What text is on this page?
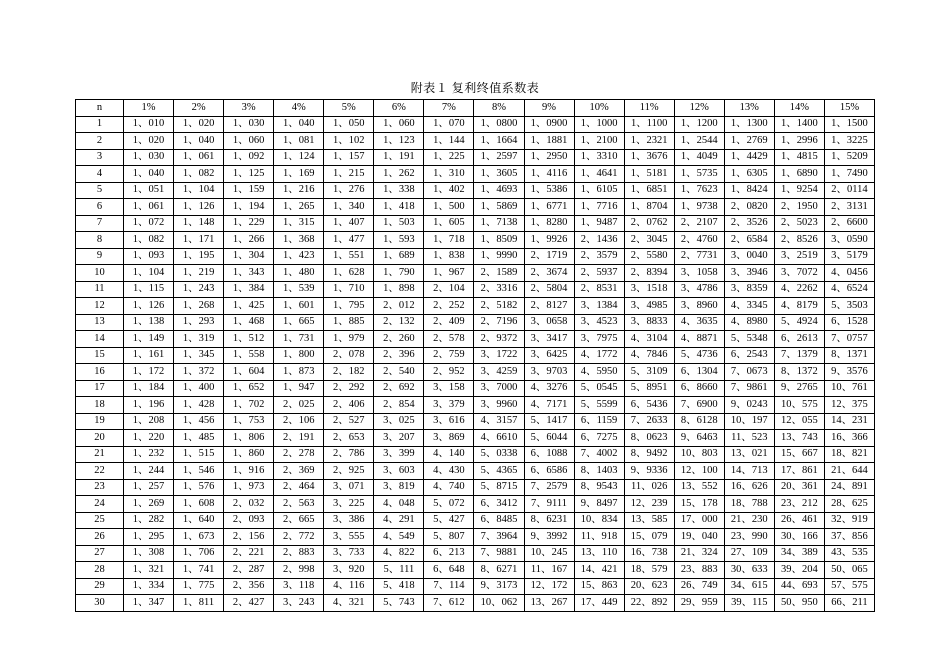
附表１ 复利终值系数表
n	1%	2%	3%	4%	5%	6%	7%	8%	9%	10%	11%	12%	13%	14%	15%
1	1、010	1、020	1、030	1、040	1、050	1、060	1、070	1、0800	1、0900	1、1000	1、1100	1、1200	1、1300	1、1400	1、1500
2	1、020	1、040	1、060	1、081	1、102	1、123	1、144	1、1664	1、1881	1、2100	1、2321	1、2544	1、2769	1、2996	1、3225
3	1、030	1、061	1、092	1、124	1、157	1、191	1、225	1、2597	1、2950	1、3310	1、3676	1、4049	1、4429	1、4815	1、5209
4	1、040	1、082	1、125	1、169	1、215	1、262	1、310	1、3605	1、4116	1、4641	1、5181	1、5735	1、6305	1、6890	1、7490
5	1、051	1、104	1、159	1、216	1、276	1、338	1、402	1、4693	1、5386	1、6105	1、6851	1、7623	1、8424	1、9254	2、0114
6	1、061	1、126	1、194	1、265	1、340	1、418	1、500	1、5869	1、6771	1、7716	1、8704	1、9738	2、0820	2、1950	2、3131
7	1、072	1、148	1、229	1、315	1、407	1、503	1、605	1、7138	1、8280	1、9487	2、0762	2、2107	2、3526	2、5023	2、6600
8	1、082	1、171	1、266	1、368	1、477	1、593	1、718	1、8509	1、9926	2、1436	2、3045	2、4760	2、6584	2、8526	3、0590
9	1、093	1、195	1、304	1、423	1、551	1、689	1、838	1、9990	2、1719	2、3579	2、5580	2、7731	3、0040	3、2519	3、5179
10	1、104	1、219	1、343	1、480	1、628	1、790	1、967	2、1589	2、3674	2、5937	2、8394	3、1058	3、3946	3、7072	4、0456
11	1、115	1、243	1、384	1、539	1、710	1、898	2、104	2、3316	2、5804	2、8531	3、1518	3、4786	3、8359	4、2262	4、6524
12	1、126	1、268	1、425	1、601	1、795	2、012	2、252	2、5182	2、8127	3、1384	3、4985	3、8960	4、3345	4、8179	5、3503
13	1、138	1、293	1、468	1、665	1、885	2、132	2、409	2、7196	3、0658	3、4523	3、8833	4、3635	4、8980	5、4924	6、1528
14	1、149	1、319	1、512	1、731	1、979	2、260	2、578	2、9372	3、3417	3、7975	4、3104	4、8871	5、5348	6、2613	7、0757
15	1、161	1、345	1、558	1、800	2、078	2、396	2、759	3、1722	3、6425	4、1772	4、7846	5、4736	6、2543	7、1379	8、1371
16	1、172	1、372	1、604	1、873	2、182	2、540	2、952	3、4259	3、9703	4、5950	5、3109	6、1304	7、0673	8、1372	9、3576
17	1、184	1、400	1、652	1、947	2、292	2、692	3、158	3、7000	4、3276	5、0545	5、8951	6、8660	7、9861	9、2765	10、761
18	1、196	1、428	1、702	2、025	2、406	2、854	3、379	3、9960	4、7171	5、5599	6、5436	7、6900	9、0243	10、575	12、375
19	1、208	1、456	1、753	2、106	2、527	3、025	3、616	4、3157	5、1417	6、1159	7、2633	8、6128	10、197	12、055	14、231
20	1、220	1、485	1、806	2、191	2、653	3、207	3、869	4、6610	5、6044	6、7275	8、0623	9、6463	11、523	13、743	16、366
21	1、232	1、515	1、860	2、278	2、786	3、399	4、140	5、0338	6、1088	7、4002	8、9492	10、803	13、021	15、667	18、821
22	1、244	1、546	1、916	2、369	2、925	3、603	4、430	5、4365	6、6586	8、1403	9、9336	12、100	14、713	17、861	21、644
23	1、257	1、576	1、973	2、464	3、071	3、819	4、740	5、8715	7、2579	8、9543	11、026	13、552	16、626	20、361	24、891
24	1、269	1、608	2、032	2、563	3、225	4、048	5、072	6、3412	7、9111	9、8497	12、239	15、178	18、788	23、212	28、625
25	1、282	1、640	2、093	2、665	3、386	4、291	5、427	6、8485	8、6231	10、834	13、585	17、000	21、230	26、461	32、919
26	1、295	1、673	2、156	2、772	3、555	4、549	5、807	7、3964	9、3992	11、918	15、079	19、040	23、990	30、166	37、856
27	1、308	1、706	2、221	2、883	3、733	4、822	6、213	7、9881	10、245	13、110	16、738	21、324	27、109	34、389	43、535
28	1、321	1、741	2、287	2、998	3、920	5、111	6、648	8、6271	11、167	14、421	18、579	23、883	30、633	39、204	50、065
29	1、334	1、775	2、356	3、118	4、116	5、418	7、114	9、3173	12、172	15、863	20、623	26、749	34、615	44、693	57、575
30	1、347	1、811	2、427	3、243	4、321	5、743	7、612	10、062	13、267	17、449	22、892	29、959	39、115	50、950	66、211
